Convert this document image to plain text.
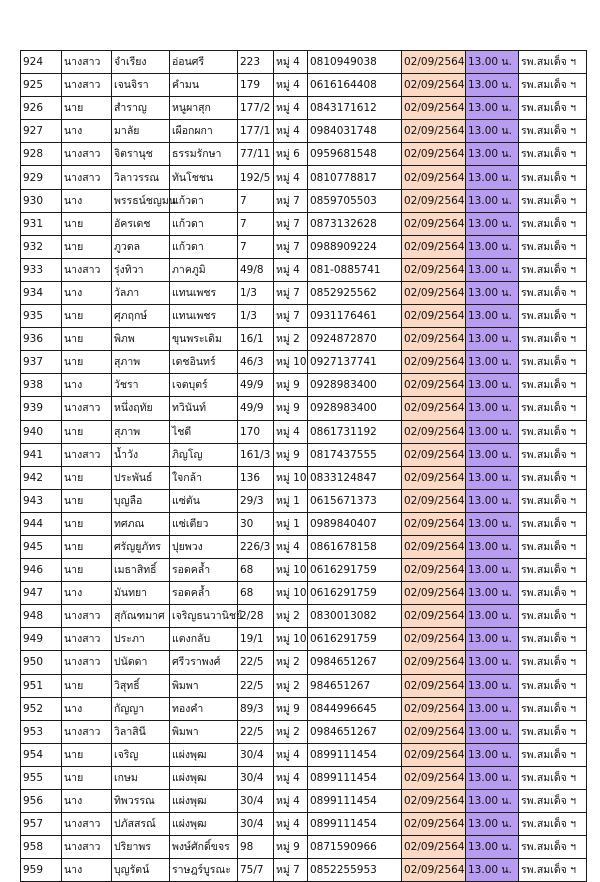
924	นางสาว	จำเรียง	อ่อนศรี	223	หมู่ 4	0810949038	02/09/2564	13.00 น.	รพ.สมเด็จ ฯ
925	นางสาว	เจนจิรา	คำมน	179	หมู่ 4	0616164408	02/09/2564	13.00 น.	รพ.สมเด็จ ฯ
926	นาย	สำราญ	หนูผาสุก	177/2	หมู่ 4	0843171612	02/09/2564	13.00 น.	รพ.สมเด็จ ฯ
927	นาง	มาลัย	เผือกผกา	177/1	หมู่ 4	0984031748	02/09/2564	13.00 น.	รพ.สมเด็จ ฯ
928	นางสาว	จิตรานุช	ธรรมรักษา	77/11	หมู่ 6	0959681548	02/09/2564	13.00 น.	รพ.สมเด็จ ฯ
929	นางสาว	วิลาวรรณ	ทันโชชน	192/5	หมู่ 4	0810778817	02/09/2564	13.00 น.	รพ.สมเด็จ ฯ
930	นาง	พรรธน์ชญมน	แก้วดา	7	หมู่ 7	0859705503	02/09/2564	13.00 น.	รพ.สมเด็จ ฯ
931	นาย	อัครเดช	แก้วดา	7	หมู่ 7	0873132628	02/09/2564	13.00 น.	รพ.สมเด็จ ฯ
932	นาย	ภูวดล	แก้วดา	7	หมู่ 7	0988909224	02/09/2564	13.00 น.	รพ.สมเด็จ ฯ
933	นางสาว	รุ่งทิวา	ภาคภูมิ	49/8	หมู่ 4	081-0885741	02/09/2564	13.00 น.	รพ.สมเด็จ ฯ
934	นาง	วัลภา	แทนเพชร	1/3	หมู่ 7	0852925562	02/09/2564	13.00 น.	รพ.สมเด็จ ฯ
935	นาย	ศุภฤกษ์	แทนเพชร	1/3	หมู่ 7	0931176461	02/09/2564	13.00 น.	รพ.สมเด็จ ฯ
936	นาย	พิภพ	ขุนพระเดิม	16/1	หมู่ 2	0924872870	02/09/2564	13.00 น.	รพ.สมเด็จ ฯ
937	นาย	สุภาพ	เดชอินทร์	46/3	หมู่ 10	0927137741	02/09/2564	13.00 น.	รพ.สมเด็จ ฯ
938	นาง	วัชรา	เจตบุตร์	49/9	หมู่ 9	0928983400	02/09/2564	13.00 น.	รพ.สมเด็จ ฯ
939	นางสาว	หนึ่งฤทัย	ทวินันท์	49/9	หมู่ 9	0928983400	02/09/2564	13.00 น.	รพ.สมเด็จ ฯ
940	นาย	สุภาพ	ไชดี	170	หมู่ 4	0861731192	02/09/2564	13.00 น.	รพ.สมเด็จ ฯ
941	นางสาว	น้ำวัง	ภิญโญ	161/3	หมู่ 9	0817437555	02/09/2564	13.00 น.	รพ.สมเด็จ ฯ
942	นาย	ประพันธ์	ใจกล้า	136	หมู่ 10	0833124847	02/09/2564	13.00 น.	รพ.สมเด็จ ฯ
943	นาย	บุญลือ	แซ่ตัน	29/3	หมู่ 1	0615671373	02/09/2564	13.00 น.	รพ.สมเด็จ ฯ
944	นาย	ทศภณ	แซ่เตียว	30	หมู่ 1	0989840407	02/09/2564	13.00 น.	รพ.สมเด็จ ฯ
945	นาย	ศรัญยูภัทร	ปุยพวง	226/3	หมู่ 4	0861678158	02/09/2564	13.00 น.	รพ.สมเด็จ ฯ
946	นาย	เมธาสิทธิ์	รอดคล้ำ	68	หมู่ 10	0616291759	02/09/2564	13.00 น.	รพ.สมเด็จ ฯ
947	นาง	มันทยา	รอดคล้ำ	68	หมู่ 10	0616291759	02/09/2564	13.00 น.	รพ.สมเด็จ ฯ
948	นางสาว	สุกัณฑมาศ	เจริญธนวานิชย์	2/28	หมู่ 2	0830013082	02/09/2564	13.00 น.	รพ.สมเด็จ ฯ
949	นางสาว	ประภา	แตงกลับ	19/1	หมู่ 10	0616291759	02/09/2564	13.00 น.	รพ.สมเด็จ ฯ
950	นางสาว	ปนัดดา	ศรีวราพงศ์	22/5	หมู่ 2	0984651267	02/09/2564	13.00 น.	รพ.สมเด็จ ฯ
951	นาย	วิสุทธิ์	พิมพา	22/5	หมู่ 2	984651267	02/09/2564	13.00 น.	รพ.สมเด็จ ฯ
952	นาง	กัญญา	ทองคำ	89/3	หมู่ 9	0844996645	02/09/2564	13.00 น.	รพ.สมเด็จ ฯ
953	นางสาว	วิลาสินี	พิมพา	22/5	หมู่ 2	0984651267	02/09/2564	13.00 น.	รพ.สมเด็จ ฯ
954	นาย	เจริญ	แผ่งพุฒ	30/4	หมู่ 4	0899111454	02/09/2564	13.00 น.	รพ.สมเด็จ ฯ
955	นาย	เกษม	แผ่งพุฒ	30/4	หมู่ 4	0899111454	02/09/2564	13.00 น.	รพ.สมเด็จ ฯ
956	นาง	ทิพวรรณ	แผ่งพุฒ	30/4	หมู่ 4	0899111454	02/09/2564	13.00 น.	รพ.สมเด็จ ฯ
957	นางสาว	ปภัสสรณ์	แผ่งพุฒ	30/4	หมู่ 4	0899111454	02/09/2564	13.00 น.	รพ.สมเด็จ ฯ
958	นางสาว	ปริยาพร	พงษ์ศักดิ์ขจร	98	หมู่ 9	0871590966	02/09/2564	13.00 น.	รพ.สมเด็จ ฯ
959	นาง	บุญรัตน์	ราษฎร์บูรณะ	75/7	หมู่ 7	0852255953	02/09/2564	13.00 น.	รพ.สมเด็จ ฯ
